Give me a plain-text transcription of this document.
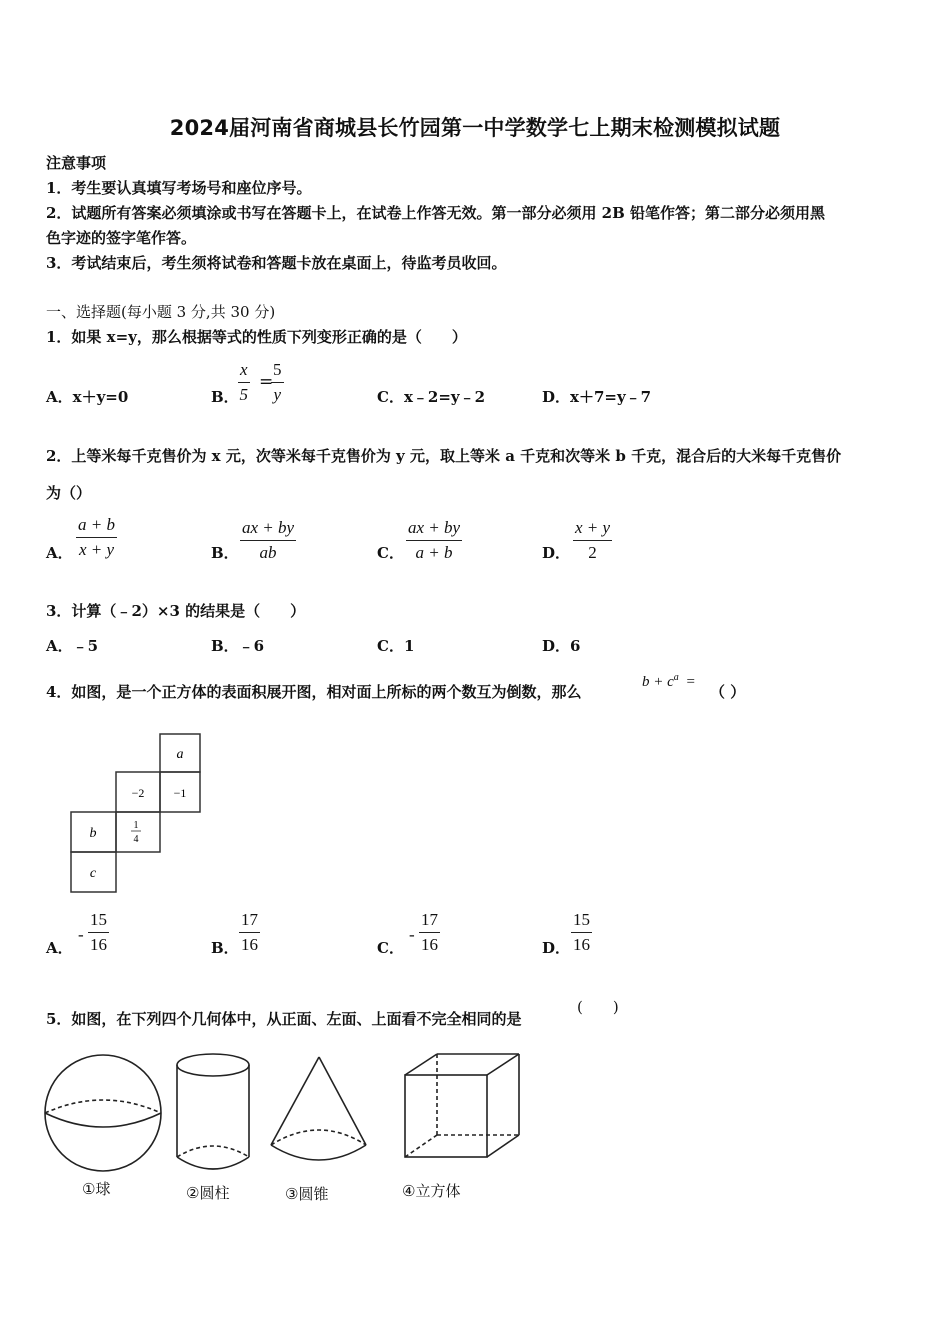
2024届河南省商城县长竹园第一中学数学七上期末检测模拟试题
注意事项
1．考生要认真填写考场号和座位序号。
2．试题所有答案必须填涂或书写在答题卡上，在试卷上作答无效。第一部分必须用 2B 铅笔作答；第二部分必须用黑
色字迹的签字笔作答。
3．考试结束后，考生须将试卷和答题卡放在桌面上，待监考员收回。
一、选择题(每小题 3 分,共 30 分)
1．如果 x=y，那么根据等式的性质下列变形正确的是（　　）
A．x＋y=0	B． $\frac{x}{5}$ =
$\frac{5}{y}$	C．x﹣2=y﹣2	D．x＋7=y﹣7
2．上等米每千克售价为 x 元，次等米每千克售价为 y 元，取上等米 a 千克和次等米 b 千克，混合后的大米每千克售价
为（）
A． $\frac{a + b}{x + y}$	B． $\frac{ax + by}{ab}$	C． $\frac{ax + by}{a + b}$	D． $\frac{x + y}{2}$
3．计算（﹣2）×3 的结果是（　　）
A．﹣5	B．﹣6	C．1	D．6
4．如图，是一个正方体的表面积展开图，相对面上所标的两个数互为倒数，那么
$b + c^a$ =
（ ）
a
−2 −1
b
1
4
c
A．
- $\frac{15}{16}$	B． $\frac{17}{16}$	C．
- $\frac{17}{16}$	D． $\frac{15}{16}$
5．如图，在下列四个几何体中，从正面、左面、上面看不完全相同的是
(　　)
①球	②圆柱	③圆锥	④立方体
